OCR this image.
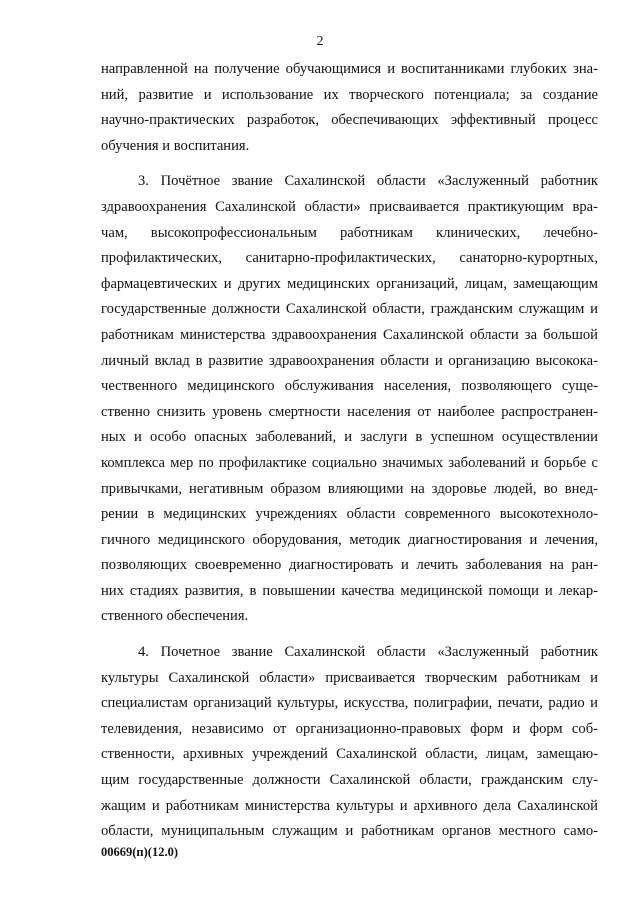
2
направленной на получение обучающимися и воспитанниками глубоких зна-
ний, развитие и использование их творческого потенциала; за создание
научно-практических разработок, обеспечивающих эффективный процесс
обучения и воспитания.
3. Почётное звание Сахалинской области «Заслуженный работник
здравоохранения Сахалинской области» присваивается практикующим вра-
чам, высокопрофессиональным работникам клинических, лечебно-
профилактических, санитарно-профилактических, санаторно-курортных,
фармацевтических и других медицинских организаций, лицам, замещающим
государственные должности Сахалинской области, гражданским служащим и
работникам министерства здравоохранения Сахалинской области за большой
личный вклад в развитие здравоохранения области и организацию высокока-
чественного медицинского обслуживания населения, позволяющего суще-
ственно снизить уровень смертности населения от наиболее распространен-
ных и особо опасных заболеваний, и заслуги в успешном осуществлении
комплекса мер по профилактике социально значимых заболеваний и борьбе с
привычками, негативным образом влияющими на здоровье людей, во внед-
рении в медицинских учреждениях области современного высокотехноло-
гичного медицинского оборудования, методик диагностирования и лечения,
позволяющих своевременно диагностировать и лечить заболевания на ран-
них стадиях развития, в повышении качества медицинской помощи и лекар-
ственного обеспечения.
4. Почетное звание Сахалинской области «Заслуженный работник
культуры Сахалинской области» присваивается творческим работникам и
специалистам организаций культуры, искусства, полиграфии, печати, радио и
телевидения, независимо от организационно-правовых форм и форм соб-
ственности, архивных учреждений Сахалинской области, лицам, замещаю-
щим государственные должности Сахалинской области, гражданским слу-
жащим и работникам министерства культуры и архивного дела Сахалинской
области, муниципальным служащим и работникам органов местного само-
00669(п)(12.0)
